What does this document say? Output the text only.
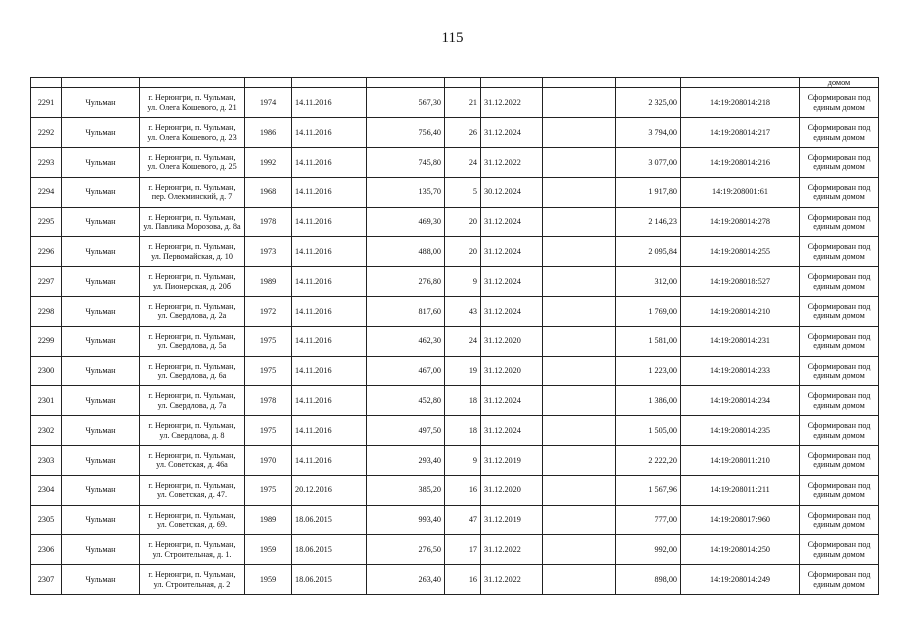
115
											домом
2291	Чульман	г. Нерюнгри, п. Чульман, ул. Олега Кошевого, д. 21	1974	14.11.2016	567,30	21	31.12.2022		2 325,00	14:19:208014:218	Сформирован под единым домом
2292	Чульман	г. Нерюнгри, п. Чульман, ул. Олега Кошевого, д. 23	1986	14.11.2016	756,40	26	31.12.2024		3 794,00	14:19:208014:217	Сформирован под единым домом
2293	Чульман	г. Нерюнгри, п. Чульман, ул. Олега Кошевого, д. 25	1992	14.11.2016	745,80	24	31.12.2022		3 077,00	14:19:208014:216	Сформирован под единым домом
2294	Чульман	г. Нерюнгри, п. Чульман, пер. Олекминский, д. 7	1968	14.11.2016	135,70	5	30.12.2024		1 917,80	14:19:208001:61	Сформирован под единым домом
2295	Чульман	г. Нерюнгри, п. Чульман, ул. Павлика Морозова, д. 8а	1978	14.11.2016	469,30	20	31.12.2024		2 146,23	14:19:208014:278	Сформирован под единым домом
2296	Чульман	г. Нерюнгри, п. Чульман, ул. Первомайская, д. 10	1973	14.11.2016	488,00	20	31.12.2024		2 095,84	14:19:208014:255	Сформирован под единым домом
2297	Чульман	г. Нерюнгри, п. Чульман, ул. Пионерская, д. 20б	1989	14.11.2016	276,80	9	31.12.2024		312,00	14:19:208018:527	Сформирован под единым домом
2298	Чульман	г. Нерюнгри, п. Чульман, ул. Свердлова, д. 2а	1972	14.11.2016	817,60	43	31.12.2024		1 769,00	14:19:208014:210	Сформирован под единым домом
2299	Чульман	г. Нерюнгри, п. Чульман, ул. Свердлова, д. 5а	1975	14.11.2016	462,30	24	31.12.2020		1 581,00	14:19:208014:231	Сформирован под единым домом
2300	Чульман	г. Нерюнгри, п. Чульман, ул. Свердлова, д. 6а	1975	14.11.2016	467,00	19	31.12.2020		1 223,00	14:19:208014:233	Сформирован под единым домом
2301	Чульман	г. Нерюнгри, п. Чульман, ул. Свердлова, д. 7а	1978	14.11.2016	452,80	18	31.12.2024		1 386,00	14:19:208014:234	Сформирован под единым домом
2302	Чульман	г. Нерюнгри, п. Чульман, ул. Свердлова, д. 8	1975	14.11.2016	497,50	18	31.12.2024		1 505,00	14:19:208014:235	Сформирован под единым домом
2303	Чульман	г. Нерюнгри, п. Чульман, ул. Советская, д. 46а	1970	14.11.2016	293,40	9	31.12.2019		2 222,20	14:19:208011:210	Сформирован под единым домом
2304	Чульман	г. Нерюнгри, п. Чульман, ул. Советская, д. 47.	1975	20.12.2016	385,20	16	31.12.2020		1 567,96	14:19:208011:211	Сформирован под единым домом
2305	Чульман	г. Нерюнгри, п. Чульман, ул. Советская, д. 69.	1989	18.06.2015	993,40	47	31.12.2019		777,00	14:19:208017:960	Сформирован под единым домом
2306	Чульман	г. Нерюнгри, п. Чульман, ул. Строительная, д. 1.	1959	18.06.2015	276,50	17	31.12.2022		992,00	14:19:208014:250	Сформирован под единым домом
2307	Чульман	г. Нерюнгри, п. Чульман, ул. Строительная, д. 2	1959	18.06.2015	263,40	16	31.12.2022		898,00	14:19:208014:249	Сформирован под единым домом
